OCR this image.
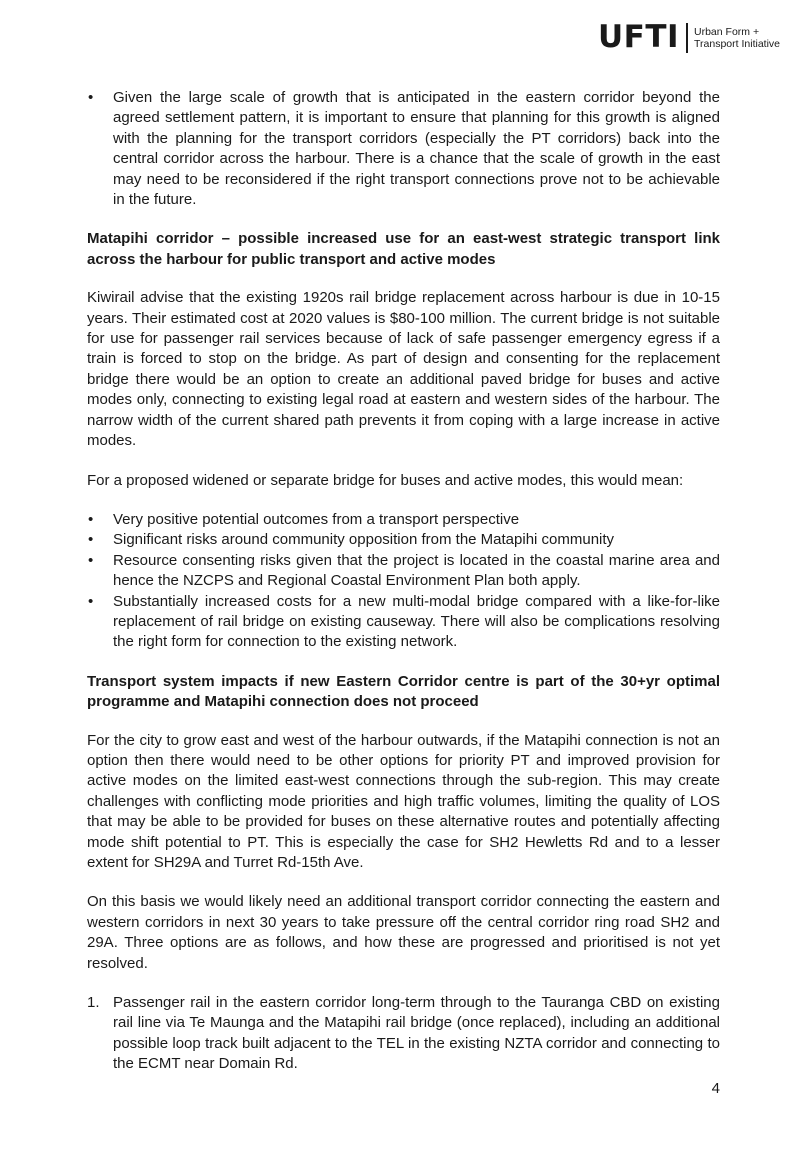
UFTI Urban Form +
Transport Initiative
• Given the large scale of growth that is anticipated in the eastern corridor beyond the agreed settlement pattern, it is important to ensure that planning for this growth is aligned with the planning for the transport corridors (especially the PT corridors) back into the central corridor across the harbour. There is a chance that the scale of growth in the east may need to be reconsidered if the right transport connections prove not to be achievable in the future.

Matapihi corridor – possible increased use for an east-west strategic transport link across the harbour for public transport and active modes

Kiwirail advise that the existing 1920s rail bridge replacement across harbour is due in 10-15 years. Their estimated cost at 2020 values is $80-100 million. The current bridge is not suitable for use for passenger rail services because of lack of safe passenger emergency egress if a train is forced to stop on the bridge. As part of design and consenting for the replacement bridge there would be an option to create an additional paved bridge for buses and active modes only, connecting to existing legal road at eastern and western sides of the harbour. The narrow width of the current shared path prevents it from coping with a large increase in active modes.

For a proposed widened or separate bridge for buses and active modes, this would mean:

• Very positive potential outcomes from a transport perspective
• Significant risks around community opposition from the Matapihi community
• Resource consenting risks given that the project is located in the coastal marine area and hence the NZCPS and Regional Coastal Environment Plan both apply.
• Substantially increased costs for a new multi-modal bridge compared with a like-for-like replacement of rail bridge on existing causeway. There will also be complications resolving the right form for connection to the existing network.

Transport system impacts if new Eastern Corridor centre is part of the 30+yr optimal programme and Matapihi connection does not proceed

For the city to grow east and west of the harbour outwards, if the Matapihi connection is not an option then there would need to be other options for priority PT and improved provision for active modes on the limited east-west connections through the sub-region. This may create challenges with conflicting mode priorities and high traffic volumes, limiting the quality of LOS that may be able to be provided for buses on these alternative routes and potentially affecting mode shift potential to PT. This is especially the case for SH2 Hewletts Rd and to a lesser extent for SH29A and Turret Rd-15th Ave.

On this basis we would likely need an additional transport corridor connecting the eastern and western corridors in next 30 years to take pressure off the central corridor ring road SH2 and 29A. Three options are as follows, and how these are progressed and prioritised is not yet resolved.

1. Passenger rail in the eastern corridor long-term through to the Tauranga CBD on existing rail line via Te Maunga and the Matapihi rail bridge (once replaced), including an additional possible loop track built adjacent to the TEL in the existing NZTA corridor and connecting to the ECMT near Domain Rd.
4
